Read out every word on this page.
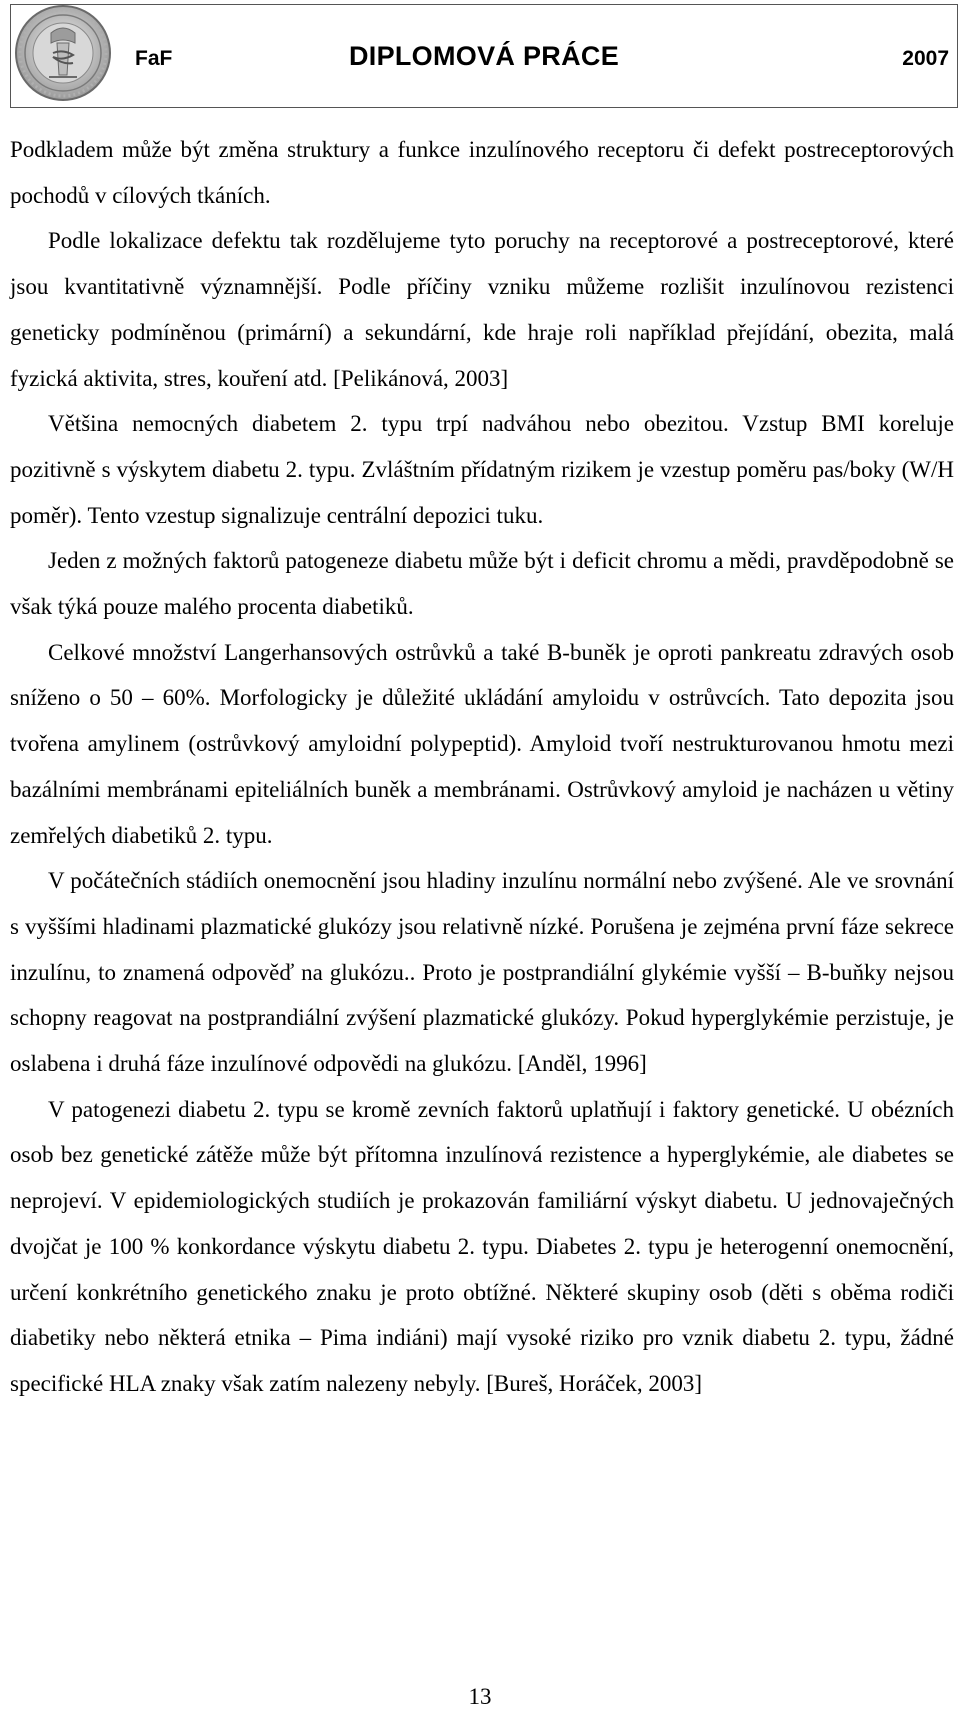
FaF	DIPLOMOVÁ PRÁCE	2007

Podkladem může být změna struktury a funkce inzulínového receptoru či defekt postreceptorových pochodů v cílových tkáních.

Podle lokalizace defektu tak rozdělujeme tyto poruchy na receptorové a postreceptorové, které jsou kvantitativně významnější. Podle příčiny vzniku můžeme rozlišit inzulínovou rezistenci geneticky podmíněnou (primární) a sekundární, kde hraje roli například přejídání, obezita, malá fyzická aktivita, stres, kouření atd. [Pelikánová, 2003]

Většina nemocných diabetem 2. typu trpí nadváhou nebo obezitou. Vzstup BMI koreluje pozitivně s výskytem diabetu 2. typu. Zvláštním přídatným rizikem je vzestup poměru pas/boky (W/H poměr). Tento vzestup signalizuje centrální depozici tuku.

Jeden z možných faktorů patogeneze diabetu může být i deficit chromu a mědi, pravděpodobně se však týká pouze malého procenta diabetiků.

Celkové množství Langerhansových ostrůvků a také B-buněk je oproti pankreatu zdravých osob sníženo o 50 – 60%. Morfologicky je důležité ukládání amyloidu v ostrůvcích. Tato depozita jsou tvořena amylinem (ostrůvkový amyloidní polypeptid). Amyloid tvoří nestrukturovanou hmotu mezi bazálními membránami epiteliálních buněk a membránami. Ostrůvkový amyloid je nacházen u větiny zemřelých diabetiků 2. typu.

V počátečních stádiích onemocnění jsou hladiny inzulínu normální nebo zvýšené. Ale ve srovnání s vyššími hladinami plazmatické glukózy jsou relativně nízké. Porušena je zejména první fáze sekrece inzulínu, to znamená odpověď na glukózu.. Proto je postprandiální glykémie vyšší – B-buňky nejsou schopny reagovat na postprandiální zvýšení plazmatické glukózy. Pokud hyperglykémie perzistuje, je oslabena i druhá fáze inzulínové odpovědi na glukózu. [Anděl, 1996]

V patogenezi diabetu 2. typu se kromě zevních faktorů uplatňují i faktory genetické. U obézních osob bez genetické zátěže může být přítomna inzulínová rezistence a hyperglykémie, ale diabetes se neprojeví. V epidemiologických studiích je prokazován familiární výskyt diabetu. U jednovaječných dvojčat je 100 % konkordance výskytu diabetu 2. typu. Diabetes 2. typu je heterogenní onemocnění, určení konkrétního genetického znaku je proto obtížné. Některé skupiny osob (děti s oběma rodiči diabetiky nebo některá etnika – Pima indiáni) mají vysoké riziko pro vznik diabetu 2. typu, žádné specifické HLA znaky však zatím nalezeny nebyly. [Bureš, Horáček, 2003]

13
